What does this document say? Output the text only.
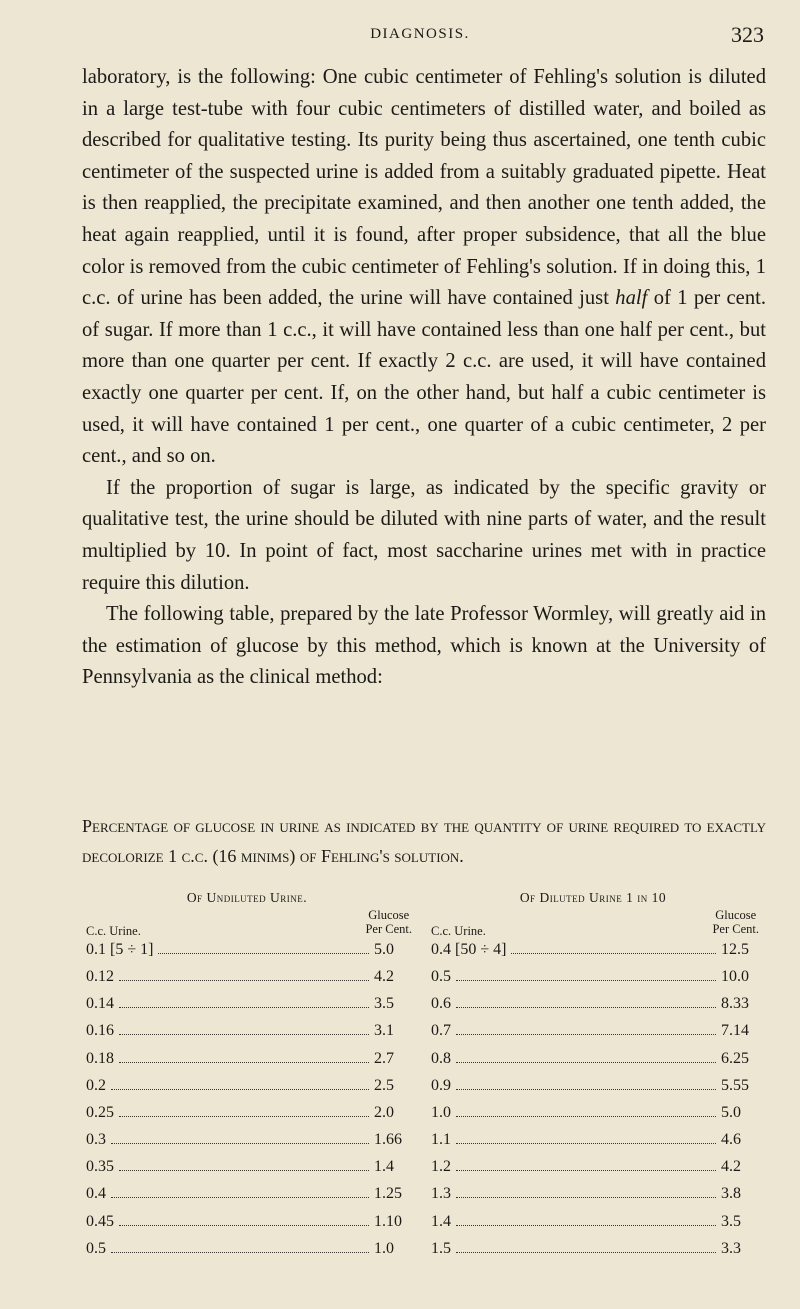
DIAGNOSIS.	323

laboratory, is the following: One cubic centimeter of Fehling's solution is diluted in a large test-tube with four cubic centimeters of distilled water, and boiled as described for qualitative testing. Its purity being thus ascertained, one tenth cubic centimeter of the suspected urine is added from a suitably graduated pipette. Heat is then reapplied, the precipitate examined, and then another one tenth added, the heat again reapplied, until it is found, after proper subsidence, that all the blue color is removed from the cubic centimeter of Fehling's solution. If in doing this, 1 c.c. of urine has been added, the urine will have contained just half of 1 per cent. of sugar. If more than 1 c.c., it will have contained less than one half per cent., but more than one quarter per cent. If exactly 2 c.c. are used, it will have contained exactly one quarter per cent. If, on the other hand, but half a cubic centimeter is used, it will have contained 1 per cent., one quarter of a cubic centimeter, 2 per cent., and so on.

If the proportion of sugar is large, as indicated by the specific gravity or qualitative test, the urine should be diluted with nine parts of water, and the result multiplied by 10. In point of fact, most saccharine urines met with in practice require this dilution.

The following table, prepared by the late Professor Wormley, will greatly aid in the estimation of glucose by this method, which is known at the University of Pennsylvania as the clinical method:

Percentage of glucose in urine as indicated by the quantity of urine required to exactly decolorize 1 c.c. (16 minims) of Fehling's solution.
Of Undiluted Urine.
C.c. Urine.
Glucose
Per Cent.
0.1 [5 ÷ 1]	5.0
0.12	4.2
0.14	3.5
0.16	3.1
0.18	2.7
0.2	2.5
0.25	2.0
0.3	1.66
0.35	1.4
0.4	1.25
0.45	1.10
0.5	1.0
Of Diluted Urine 1 in 10
C.c. Urine.
Glucose
Per Cent.
0.4 [50 ÷ 4]	12.5
0.5	10.0
0.6	8.33
0.7	7.14
0.8	6.25
0.9	5.55
1.0	5.0
1.1	4.6
1.2	4.2
1.3	3.8
1.4	3.5
1.5	3.3
